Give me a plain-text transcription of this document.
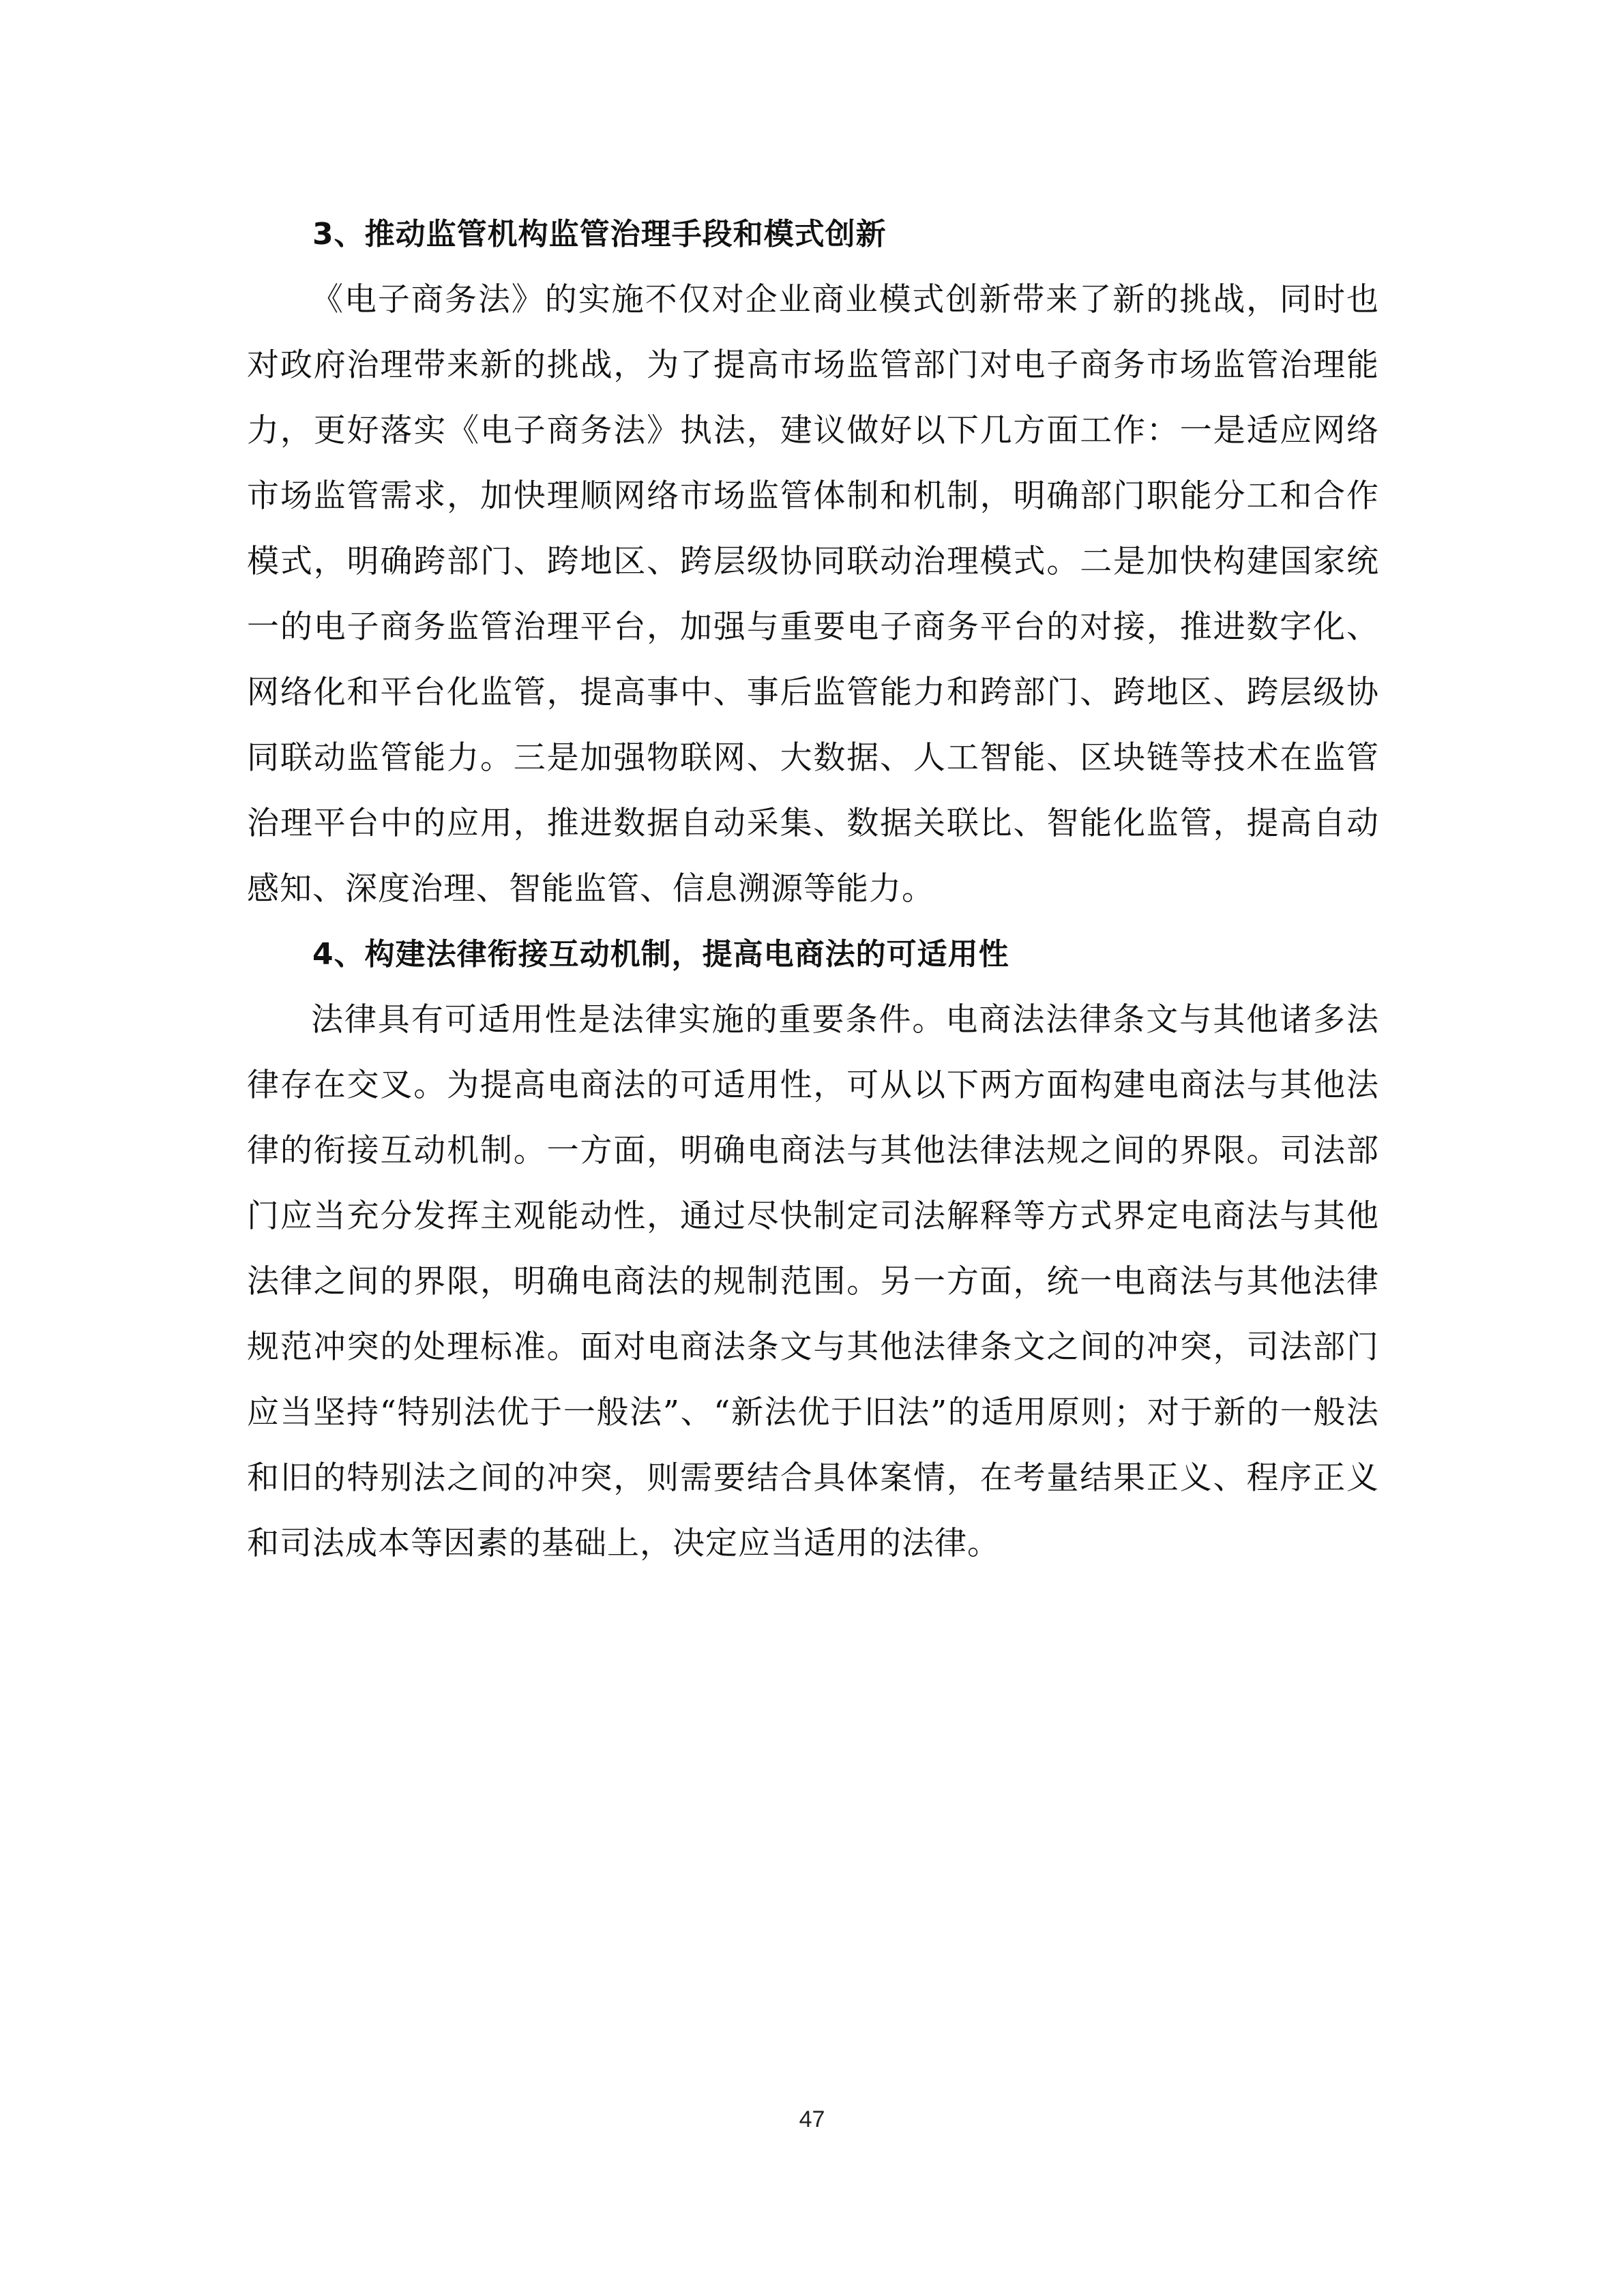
3、推动监管机构监管治理手段和模式创新

《电子商务法》的实施不仅对企业商业模式创新带来了新的挑战，同时也对政府治理带来新的挑战，为了提高市场监管部门对电子商务市场监管治理能力，更好落实《电子商务法》执法，建议做好以下几方面工作：一是适应网络市场监管需求，加快理顺网络市场监管体制和机制，明确部门职能分工和合作模式，明确跨部门、跨地区、跨层级协同联动治理模式。二是加快构建国家统一的电子商务监管治理平台，加强与重要电子商务平台的对接，推进数字化、网络化和平台化监管，提高事中、事后监管能力和跨部门、跨地区、跨层级协同联动监管能力。三是加强物联网、大数据、人工智能、区块链等技术在监管治理平台中的应用，推进数据自动采集、数据关联比、智能化监管，提高自动感知、深度治理、智能监管、信息溯源等能力。

4、构建法律衔接互动机制，提高电商法的可适用性

法律具有可适用性是法律实施的重要条件。电商法法律条文与其他诸多法律存在交叉。为提高电商法的可适用性，可从以下两方面构建电商法与其他法律的衔接互动机制。一方面，明确电商法与其他法律法规之间的界限。司法部门应当充分发挥主观能动性，通过尽快制定司法解释等方式界定电商法与其他法律之间的界限，明确电商法的规制范围。另一方面，统一电商法与其他法律规范冲突的处理标准。面对电商法条文与其他法律条文之间的冲突，司法部门应当坚持“特别法优于一般法”、“新法优于旧法”的适用原则；对于新的一般法和旧的特别法之间的冲突，则需要结合具体案情，在考量结果正义、程序正义和司法成本等因素的基础上，决定应当适用的法律。

47
